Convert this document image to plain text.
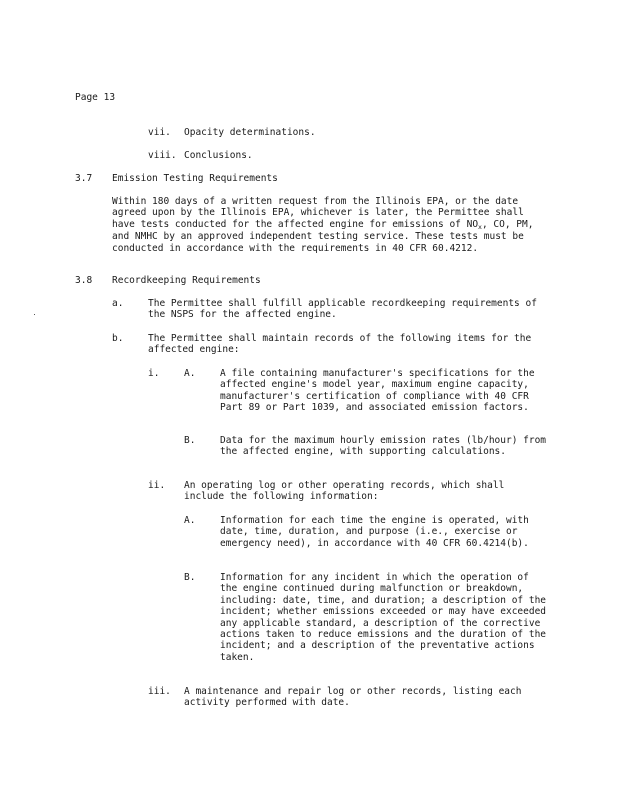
Page 13
vii. Opacity determinations.
viii. Conclusions.
3.7 Emission Testing Requirements
Within 180 days of a written request from the Illinois EPA, or the date agreed upon by the Illinois EPA, whichever is later, the Permittee shall have tests conducted for the affected engine for emissions of $NO_x$, CO, PM, and NMHC by an approved independent testing service. These tests must be conducted in accordance with the requirements in 40 CFR 60.4212.
3.8 Recordkeeping Requirements
a.	The Permittee shall fulfill applicable recordkeeping requirements of the NSPS for the affected engine.
b.	The Permittee shall maintain records of the following items for the affected engine:
i.	A.	A file containing manufacturer's specifications for the affected engine's model year, maximum engine capacity, manufacturer's certification of compliance with 40 CFR Part 89 or Part 1039, and associated emission factors.
B.	Data for the maximum hourly emission rates (lb/hour) from the affected engine, with supporting calculations.
ii. An operating log or other operating records, which shall include the following information:
A.	Information for each time the engine is operated, with date, time, duration, and purpose (i.e., exercise or emergency need), in accordance with 40 CFR 60.4214(b).
B.	Information for any incident in which the operation of the engine continued during malfunction or breakdown, including: date, time, and duration; a description of the incident; whether emissions exceeded or may have exceeded any applicable standard, a description of the corrective actions taken to reduce emissions and the duration of the incident; and a description of the preventative actions taken.
iii. A maintenance and repair log or other records, listing each activity performed with date.
